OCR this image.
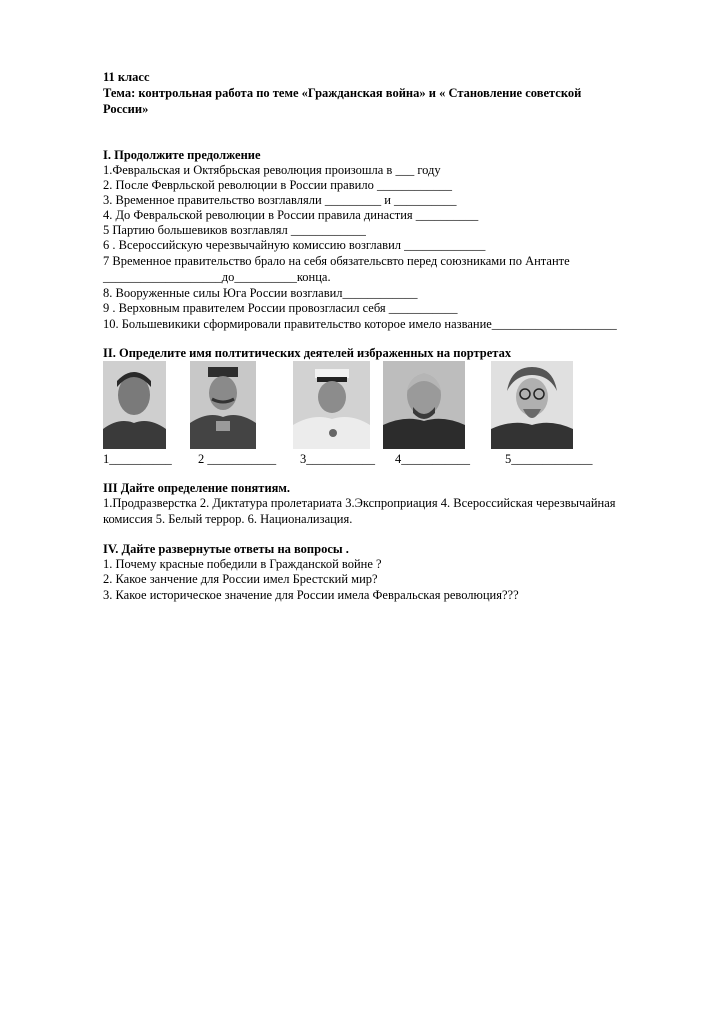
11 класс
Тема: контрольная работа по теме «Гражданская война» и « Становление советской
России»
I. Продолжите предолжение
1.Февральская и Октябрьская революция произошла в ___ году
2. После Феврльской революции в России правило ____________
3. Временное правительство возглавляли _________ и __________
4. До Февральской революции в России правила династия __________
5 Партию большевиков возглавлял ____________
6 . Всероссийскую черезвычайную комиссию возглавил _____________
7 Временное правительство брало на себя обязательсвто перед союзниками по Антанте
___________________до__________конца.
8. Вооруженные силы Юга России возглавил____________
9 . Верховным правителем России провозгласил себя ___________
10. Большевикики сформировали правительство которое имело название____________________
II. Определите имя полтитических деятелей избраженных на портретах
1__________ 2 ___________ 3___________ 4___________	5_____________
III Дайте определение понятиям.
1.Продразверстка 2. Диктатура пролетариата 3.Экспроприация 4. Всероссийская черезвычайная
комиссия 5. Белый террор. 6. Национализация.
IV. Дайте развернутые ответы на вопросы .
1. Почему красные победили в Гражданской войне ?
2. Какое занчение для России имел Брестский мир?
3. Какое историческое значение для России имела Февральская революция???
